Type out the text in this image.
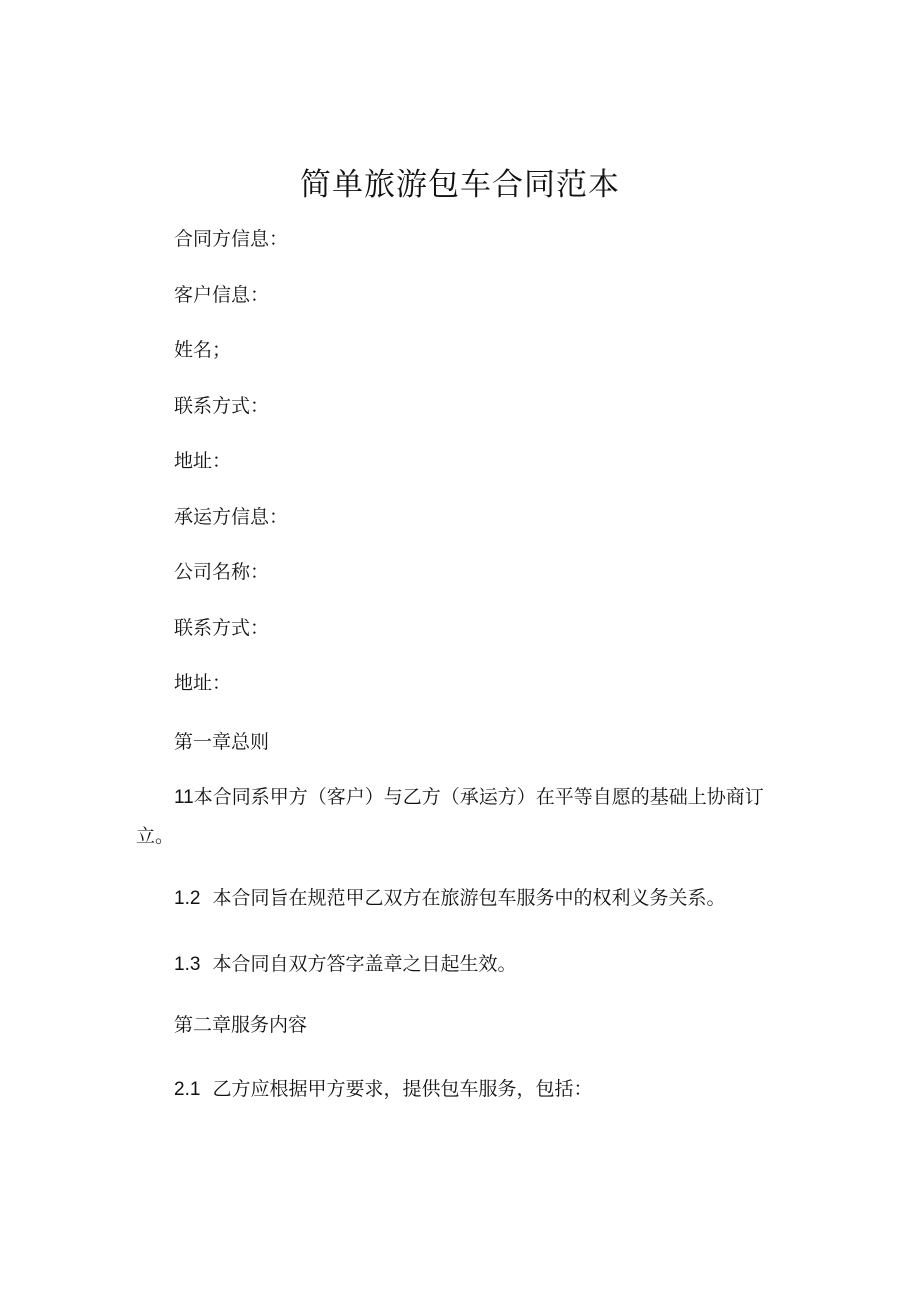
简单旅游包车合同范本
合同方信息：
客户信息：
姓名；
联系方式：
地址：
承运方信息：
公司名称：
联系方式：
地址：
第一章总则
11本合同系甲方（客户）与乙方（承运方）在平等自愿的基础上协商订立。
1.2 本合同旨在规范甲乙双方在旅游包车服务中的权利义务关系。
1.3 本合同自双方答字盖章之日起生效。
第二章服务内容
2.1 乙方应根据甲方要求，提供包车服务，包括：
